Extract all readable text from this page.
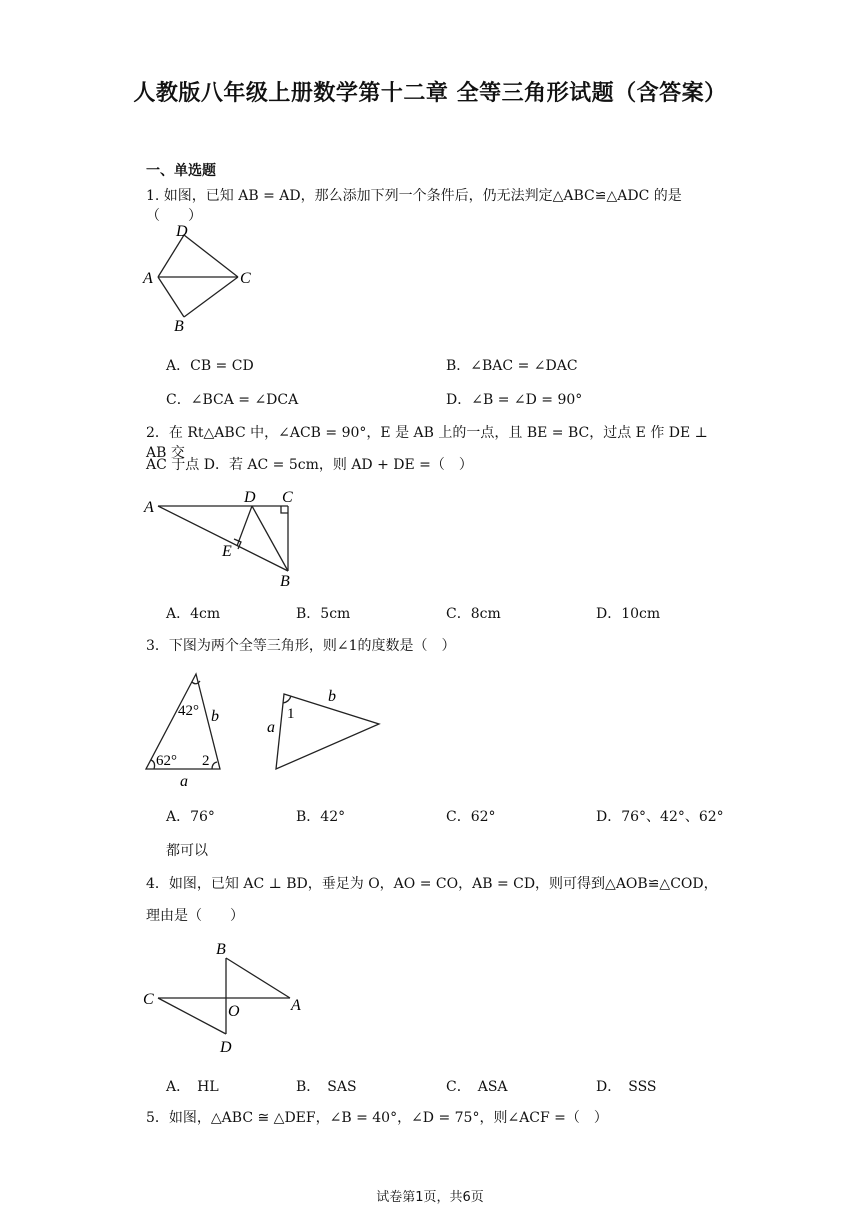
人教版八年级上册数学第十二章 全等三角形试题（含答案）
一、单选题
1. 如图，已知 AB = AD，那么添加下列一个条件后，仍无法判定△ABC≌△ADC 的是（　　）
D
A	C
B
A．CB = CD	B．∠BAC = ∠DAC
C．∠BCA = ∠DCA	D．∠B = ∠D = 90°
2．在 Rt△ABC 中，∠ACB = 90°，E 是 AB 上的一点，且 BE = BC，过点 E 作 DE ⊥ AB 交
AC 于点 D．若 AC = 5cm，则 AD + DE =（　）
A
D C
E
B
A．4cm	B．5cm	C．8cm	D．10cm
3．下图为两个全等三角形，则∠1的度数是（　）
42° b
62° 2
a
b
1
a
A．76°	B．42°	C．62°	D．76°、42°、62°
都可以
4．如图，已知 AC ⊥ BD，垂足为 O，AO = CO，AB = CD，则可得到△AOB≌△COD，
理由是（　　）
B
C
O	A
D
A．　HL	B．　SAS	C．　ASA	D．　SSS
5．如图，△ABC ≅ △DEF，∠B = 40°，∠D = 75°，则∠ACF =（　）
试卷第1页，共6页
